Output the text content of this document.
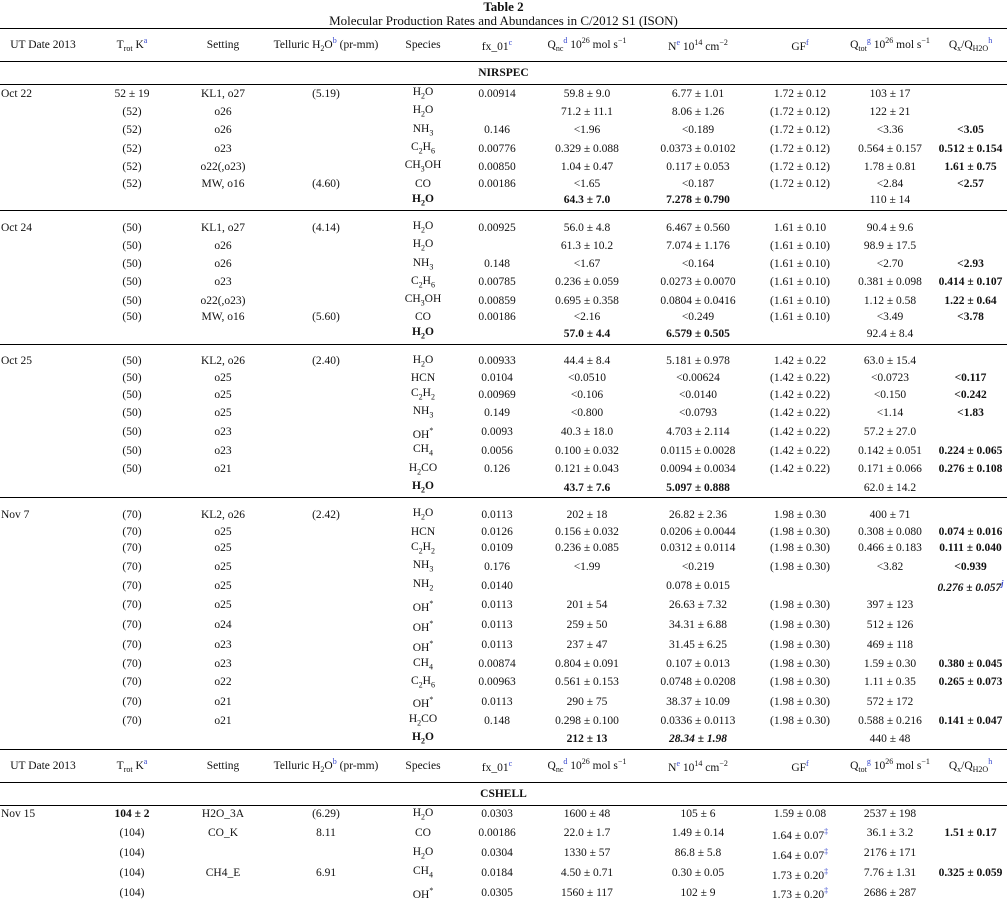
Table 2
Molecular Production Rates and Abundances in C/2012 S1 (ISON)
UT Date 2013	$T_{rot}$ $K^a$	Setting	Telluric $H_2O^b$ (pr-mm)	Species	fx_01$^c$	$Q_{nc}^d$ $10^{26}$ mol $s^{-1}$	$N^e$ $10^{14}$ $cm^{-2}$	$GF^f$	$Q_{tot}^g$ $10^{26}$ mol $s^{-1}$	$Q_x/Q_{H2O}^h$
NIRSPEC										
Oct 22	52 ± 19	KL1, o27	(5.19)	$H_2O$	0.00914	59.8 ± 9.0	6.77 ± 1.01	1.72 ± 0.12	103 ± 17	
	(52)	o26		$H_2O$		71.2 ± 11.1	8.06 ± 1.26	(1.72 ± 0.12)	122 ± 21	
	(52)	o26		$NH_3$	0.146	<1.96	<0.189	(1.72 ± 0.12)	<3.36	<3.05
	(52)	o23		$C_2H_6$	0.00776	0.329 ± 0.088	0.0373 ± 0.0102	(1.72 ± 0.12)	0.564 ± 0.157	0.512 ± 0.154
	(52)	o22(,o23)		$CH_3OH$	0.00850	1.04 ± 0.47	0.117 ± 0.053	(1.72 ± 0.12)	1.78 ± 0.81	1.61 ± 0.75
	(52)	MW, o16	(4.60)	CO	0.00186	<1.65	<0.187	(1.72 ± 0.12)	<2.84	<2.57
				$H_2O$		64.3 ± 7.0	7.278 ± 0.790		110 ± 14	

Oct 24	(50)	KL1, o27	(4.14)	$H_2O$	0.00925	56.0 ± 4.8	6.467 ± 0.560	1.61 ± 0.10	90.4 ± 9.6	
	(50)	o26		$H_2O$		61.3 ± 10.2	7.074 ± 1.176	(1.61 ± 0.10)	98.9 ± 17.5	
	(50)	o26		$NH_3$	0.148	<1.67	<0.164	(1.61 ± 0.10)	<2.70	<2.93
	(50)	o23		$C_2H_6$	0.00785	0.236 ± 0.059	0.0273 ± 0.0070	(1.61 ± 0.10)	0.381 ± 0.098	0.414 ± 0.107
	(50)	o22(,o23)		$CH_3OH$	0.00859	0.695 ± 0.358	0.0804 ± 0.0416	(1.61 ± 0.10)	1.12 ± 0.58	1.22 ± 0.64
	(50)	MW, o16	(5.60)	CO	0.00186	<2.16	<0.249	(1.61 ± 0.10)	<3.49	<3.78
				$H_2O$		57.0 ± 4.4	6.579 ± 0.505		92.4 ± 8.4	

Oct 25	(50)	KL2, o26	(2.40)	$H_2O$	0.00933	44.4 ± 8.4	5.181 ± 0.978	1.42 ± 0.22	63.0 ± 15.4	
	(50)	o25		HCN	0.0104	<0.0510	<0.00624	(1.42 ± 0.22)	<0.0723	<0.117
	(50)	o25		$C_2H_2$	0.00969	<0.106	<0.0140	(1.42 ± 0.22)	<0.150	<0.242
	(50)	o25		$NH_3$	0.149	<0.800	<0.0793	(1.42 ± 0.22)	<1.14	<1.83
	(50)	o23		OH*	0.0093	40.3 ± 18.0	4.703 ± 2.114	(1.42 ± 0.22)	57.2 ± 27.0	
	(50)	o23		$CH_4$	0.0056	0.100 ± 0.032	0.0115 ± 0.0028	(1.42 ± 0.22)	0.142 ± 0.051	0.224 ± 0.065
	(50)	o21		$H_2CO$	0.126	0.121 ± 0.043	0.0094 ± 0.0034	(1.42 ± 0.22)	0.171 ± 0.066	0.276 ± 0.108
				$H_2O$		43.7 ± 7.6	5.097 ± 0.888		62.0 ± 14.2	

Nov 7	(70)	KL2, o26	(2.42)	$H_2O$	0.0113	202 ± 18	26.82 ± 2.36	1.98 ± 0.30	400 ± 71	
	(70)	o25		HCN	0.0126	0.156 ± 0.032	0.0206 ± 0.0044	(1.98 ± 0.30)	0.308 ± 0.080	0.074 ± 0.016
	(70)	o25		$C_2H_2$	0.0109	0.236 ± 0.085	0.0312 ± 0.0114	(1.98 ± 0.30)	0.466 ± 0.183	0.111 ± 0.040
	(70)	o25		$NH_3$	0.176	<1.99	<0.219	(1.98 ± 0.30)	<3.82	<0.939
	(70)	o25		$NH_2$	0.0140		0.078 ± 0.015			$0.276 \pm 0.057^j$
	(70)	o25		OH*	0.0113	201 ± 54	26.63 ± 7.32	(1.98 ± 0.30)	397 ± 123	
	(70)	o24		OH*	0.0113	259 ± 50	34.31 ± 6.88	(1.98 ± 0.30)	512 ± 126	
	(70)	o23		OH*	0.0113	237 ± 47	31.45 ± 6.25	(1.98 ± 0.30)	469 ± 118	
	(70)	o23		$CH_4$	0.00874	0.804 ± 0.091	0.107 ± 0.013	(1.98 ± 0.30)	1.59 ± 0.30	0.380 ± 0.045
	(70)	o22		$C_2H_6$	0.00963	0.561 ± 0.153	0.0748 ± 0.0208	(1.98 ± 0.30)	1.11 ± 0.35	0.265 ± 0.073
	(70)	o21		OH*	0.0113	290 ± 75	38.37 ± 10.09	(1.98 ± 0.30)	572 ± 172	
	(70)	o21		$H_2CO$	0.148	0.298 ± 0.100	0.0336 ± 0.0113	(1.98 ± 0.30)	0.588 ± 0.216	0.141 ± 0.047
				$H_2O$		212 ± 13	28.34 ± 1.98		440 ± 48	
UT Date 2013	$T_{rot}$ $K^a$	Setting	Telluric $H_2O^b$ (pr-mm)	Species	fx_01$^c$	$Q_{nc}^d$ $10^{26}$ mol $s^{-1}$	$N^e$ $10^{14}$ $cm^{-2}$	$GF^f$	$Q_{tot}^g$ $10^{26}$ mol $s^{-1}$	$Q_x/Q_{H2O}^h$
CSHELL										
Nov 15	104 ± 2	H2O_3A	(6.29)	$H_2O$	0.0303	1600 ± 48	105 ± 6	1.59 ± 0.08	2537 ± 198	
	(104)	CO_K	8.11	CO	0.00186	22.0 ± 1.7	1.49 ± 0.14	1.64 ± 0.07‡	36.1 ± 3.2	1.51 ± 0.17
	(104)			$H_2O$	0.0304	1330 ± 57	86.8 ± 5.8	1.64 ± 0.07‡	2176 ± 171	
	(104)	CH4_E	6.91	$CH_4$	0.0184	4.50 ± 0.71	0.30 ± 0.05	1.73 ± 0.20‡	7.76 ± 1.31	0.325 ± 0.059
	(104)			OH*	0.0305	1560 ± 117	102 ± 9	1.73 ± 0.20‡	2686 ± 287	
